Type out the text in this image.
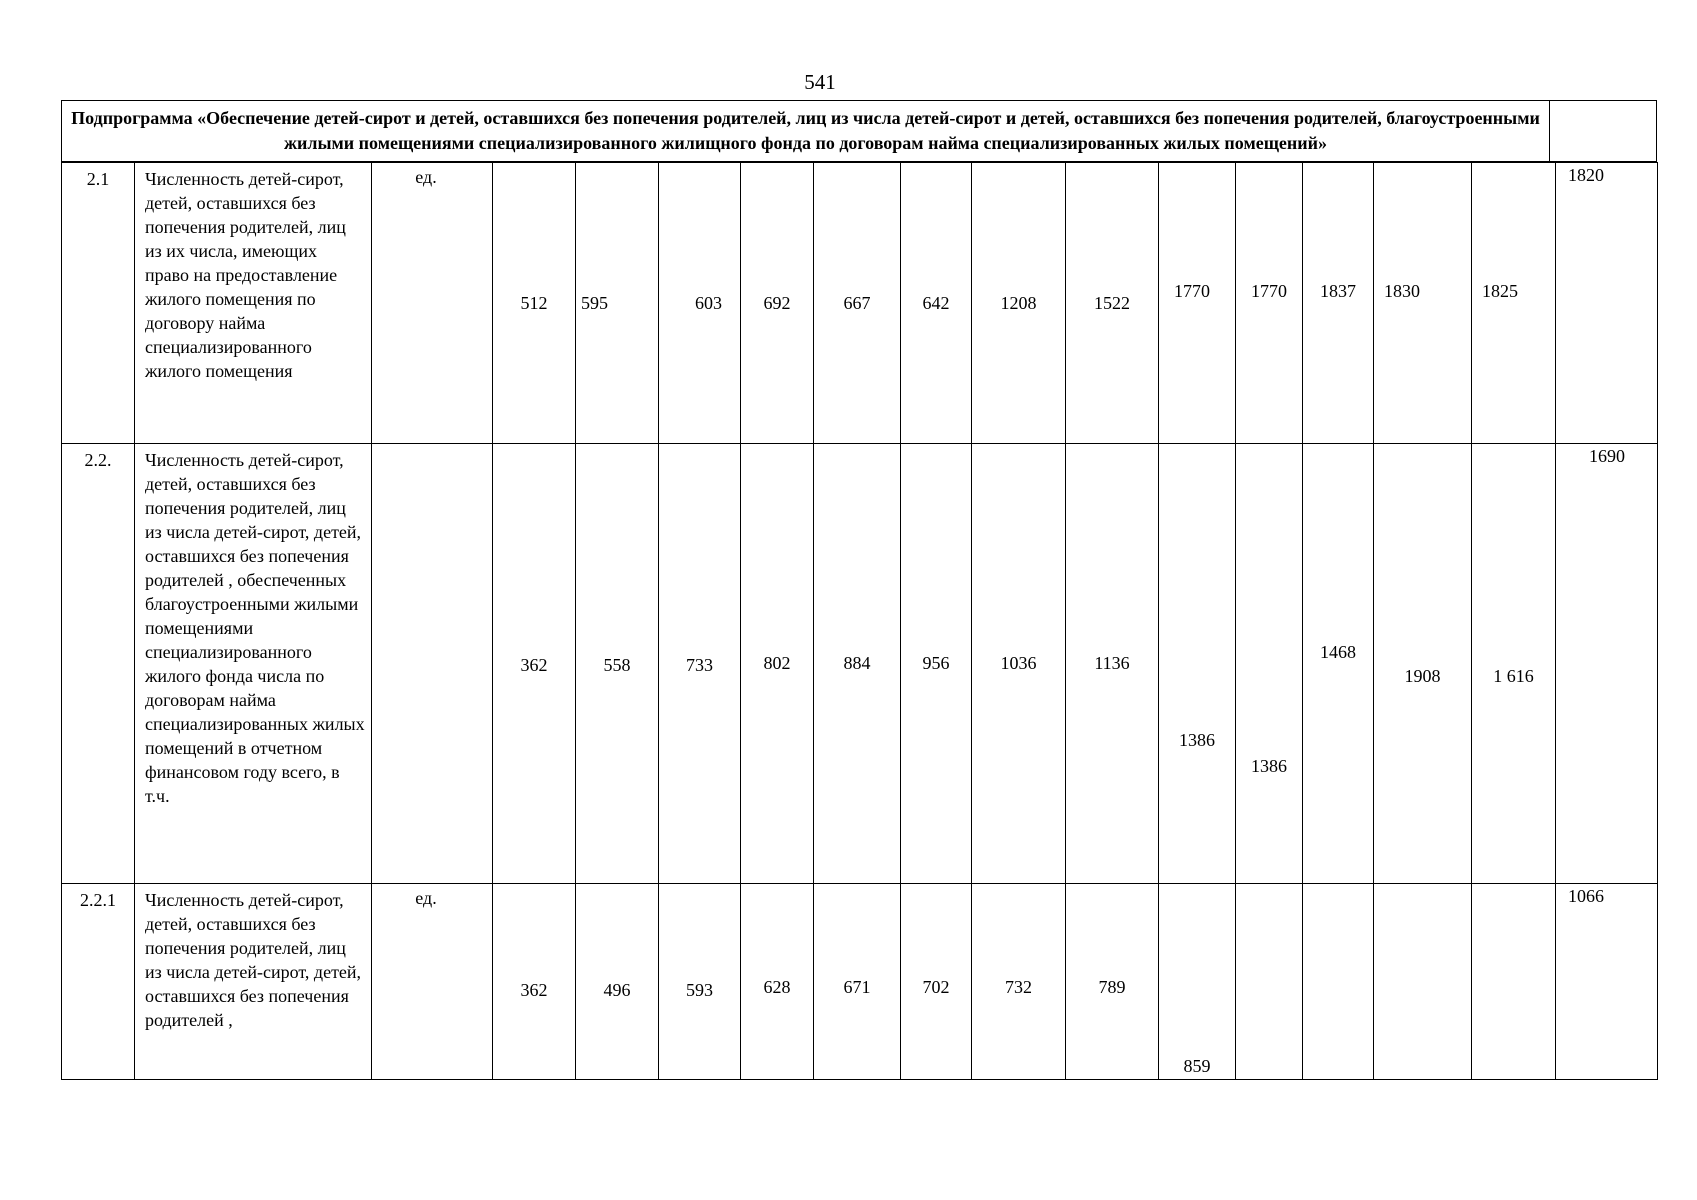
541
Подпрограмма «Обеспечение детей-сирот и детей, оставшихся без попечения родителей, лиц из числа детей-сирот и детей, оставшихся без попечения родителей, благоустроенными жилыми помещениями специализированного жилищного фонда по договорам найма специализированных жилых помещений»
2.1	Численность детей-сирот, детей, оставшихся без попечения родителей, лиц из их числа, имеющих право на предоставление жилого помещения по договору найма специализированного жилого помещения	ед.	512	595	603	692	667	642	1208	1522	1770	1770	1837	1830	1825	1820

2.2.	Численность детей-сирот, детей, оставшихся без попечения родителей, лиц из числа детей-сирот, детей, оставшихся без попечения родителей , обеспеченных благоустроенными жилыми помещениями специализированного жилого фонда числа по договорам найма специализированных жилых помещений в отчетном финансовом году всего, в т.ч.		362	558	733	802	884	956	1036	1136	1386	1386	1468	1908	1 616	1690

2.2.1	Численность детей-сирот, детей, оставшихся без попечения родителей, лиц из числа детей-сирот, детей, оставшихся без попечения родителей ,	ед.	362	496	593	628	671	702	732	789	859					1066
